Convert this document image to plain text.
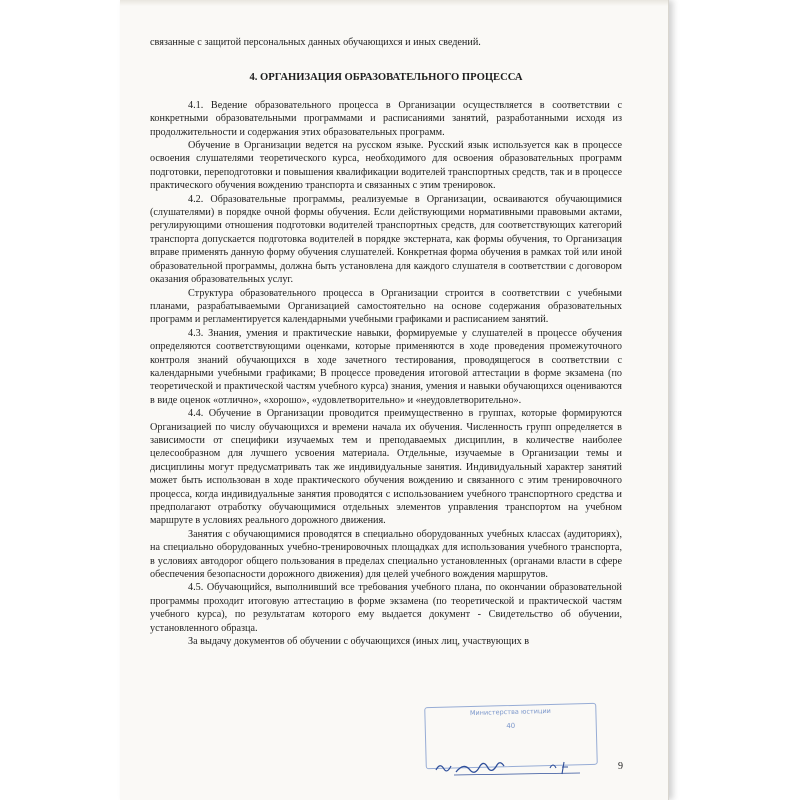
связанные с защитой персональных данных обучающихся и иных сведений.

4. ОРГАНИЗАЦИЯ ОБРАЗОВАТЕЛЬНОГО ПРОЦЕССА

4.1. Ведение образовательного процесса в Организации осуществляется в соответствии с конкретными образовательными программами и расписаниями занятий, разработанными исходя из продолжительности и содержания этих образовательных программ.

Обучение в Организации ведется на русском языке. Русский язык используется как в процессе освоения слушателями теоретического курса, необходимого для освоения образовательных программ подготовки, переподготовки и повышения квалификации водителей транспортных средств, так и в процессе практического обучения вождению транспорта и связанных с этим тренировок.

4.2. Образовательные программы, реализуемые в Организации, осваиваются обучающимися (слушателями) в порядке очной формы обучения. Если действующими нормативными правовыми актами, регулирующими отношения подготовки водителей транспортных средств, для соответствующих категорий транспорта допускается подготовка водителей в порядке экстерната, как формы обучения, то Организация вправе применять данную форму обучения слушателей. Конкретная форма обучения в рамках той или иной образовательной программы, должна быть установлена для каждого слушателя в соответствии с договором оказания образовательных услуг.

Структура образовательного процесса в Организации строится в соответствии с учебными планами, разрабатываемыми Организацией самостоятельно на основе содержания образовательных программ и регламентируется календарными учебными графиками и расписанием занятий.

4.3. Знания, умения и практические навыки, формируемые у слушателей в процессе обучения определяются соответствующими оценками, которые применяются в ходе проведения промежуточного контроля знаний обучающихся в ходе зачетного тестирования, проводящегося в соответствии с календарными учебными графиками; В процессе проведения итоговой аттестации в форме экзамена (по теоретической и практической частям учебного курса) знания, умения и навыки обучающихся оцениваются в виде оценок «отлично», «хорошо», «удовлетворительно» и «неудовлетворительно».

4.4. Обучение в Организации проводится преимущественно в группах, которые формируются Организацией по числу обучающихся и времени начала их обучения. Численность групп определяется в зависимости от специфики изучаемых тем и преподаваемых дисциплин, в количестве наиболее целесообразном для лучшего усвоения материала. Отдельные, изучаемые в Организации темы и дисциплины могут предусматривать так же индивидуальные занятия. Индивидуальный характер занятий может быть использован в ходе практического обучения вождению и связанного с этим тренировочного процесса, когда индивидуальные занятия проводятся с использованием учебного транспортного средства и предполагают отработку обучающимися отдельных элементов управления транспортом на учебном маршруте в условиях реального дорожного движения.

Занятия с обучающимися проводятся в специально оборудованных учебных классах (аудиториях), на специально оборудованных учебно-тренировочных площадках для использования учебного транспорта, в условиях автодорог общего пользования в пределах специально установленных (органами власти в сфере обеспечения безопасности дорожного движения) для целей учебного вождения маршрутов.

4.5. Обучающийся, выполнивший все требования учебного плана, по окончании образовательной программы проходит итоговую аттестацию в форме экзамена (по теоретической и практической частям учебного курса), по результатам которого ему выдается документ - Свидетельство об обучении, установленного образца.

За выдачу документов об обучении с обучающихся (иных лиц, участвующих в

Министерства юстиции
40
9
